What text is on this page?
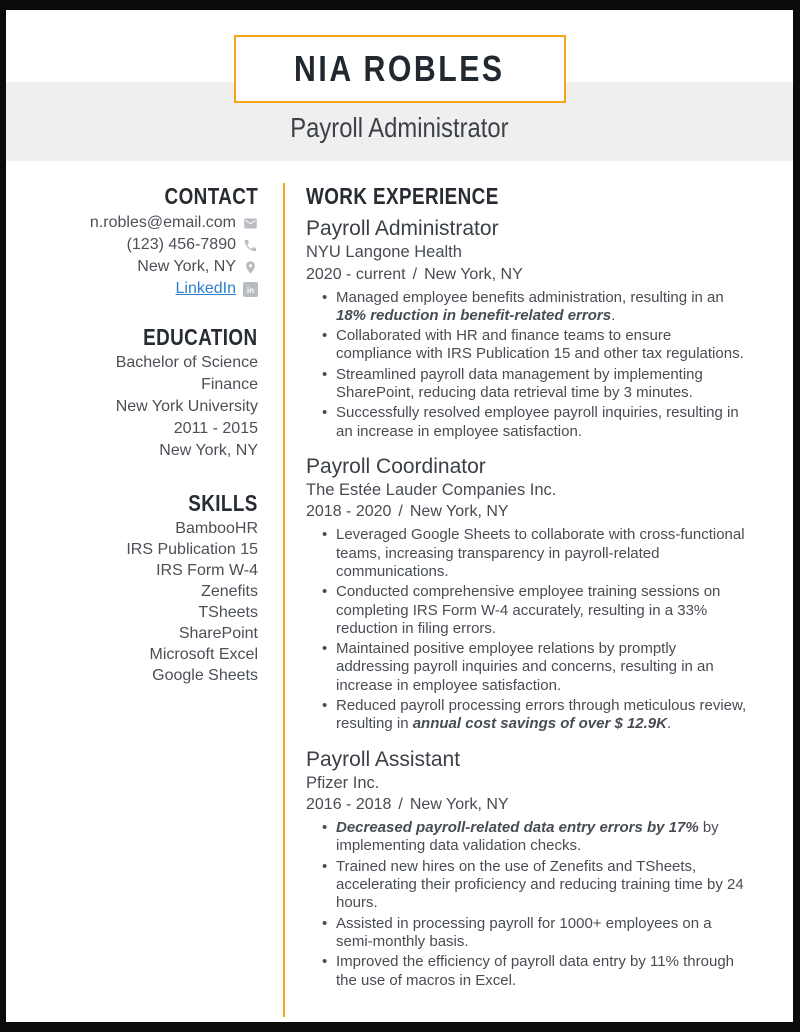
Payroll Administrator
NIA ROBLES
CONTACT
n.robles@email.com
(123) 456-7890
New York, NY
LinkedIn in
EDUCATION
Bachelor of Science
Finance
New York University
2011 - 2015
New York, NY
SKILLS
BambooHR
IRS Publication 15
IRS Form W-4
Zenefits
TSheets
SharePoint
Microsoft Excel
Google Sheets
WORK EXPERIENCE
Payroll Administrator
NYU Langone Health
2020 - current / New York, NY
• Managed employee benefits administration, resulting in an 18% reduction in benefit-related errors.
• Collaborated with HR and finance teams to ensure compliance with IRS Publication 15 and other tax regulations.
• Streamlined payroll data management by implementing SharePoint, reducing data retrieval time by 3 minutes.
• Successfully resolved employee payroll inquiries, resulting in an increase in employee satisfaction.
Payroll Coordinator
The Estée Lauder Companies Inc.
2018 - 2020 / New York, NY
• Leveraged Google Sheets to collaborate with cross-functional teams, increasing transparency in payroll-related communications.
• Conducted comprehensive employee training sessions on completing IRS Form W-4 accurately, resulting in a 33% reduction in filing errors.
• Maintained positive employee relations by promptly addressing payroll inquiries and concerns, resulting in an increase in employee satisfaction.
• Reduced payroll processing errors through meticulous review, resulting in annual cost savings of over $ 12.9K.
Payroll Assistant
Pfizer Inc.
2016 - 2018 / New York, NY
• Decreased payroll-related data entry errors by 17% by implementing data validation checks.
• Trained new hires on the use of Zenefits and TSheets, accelerating their proficiency and reducing training time by 24 hours.
• Assisted in processing payroll for 1000+ employees on a semi-monthly basis.
• Improved the efficiency of payroll data entry by 11% through the use of macros in Excel.
